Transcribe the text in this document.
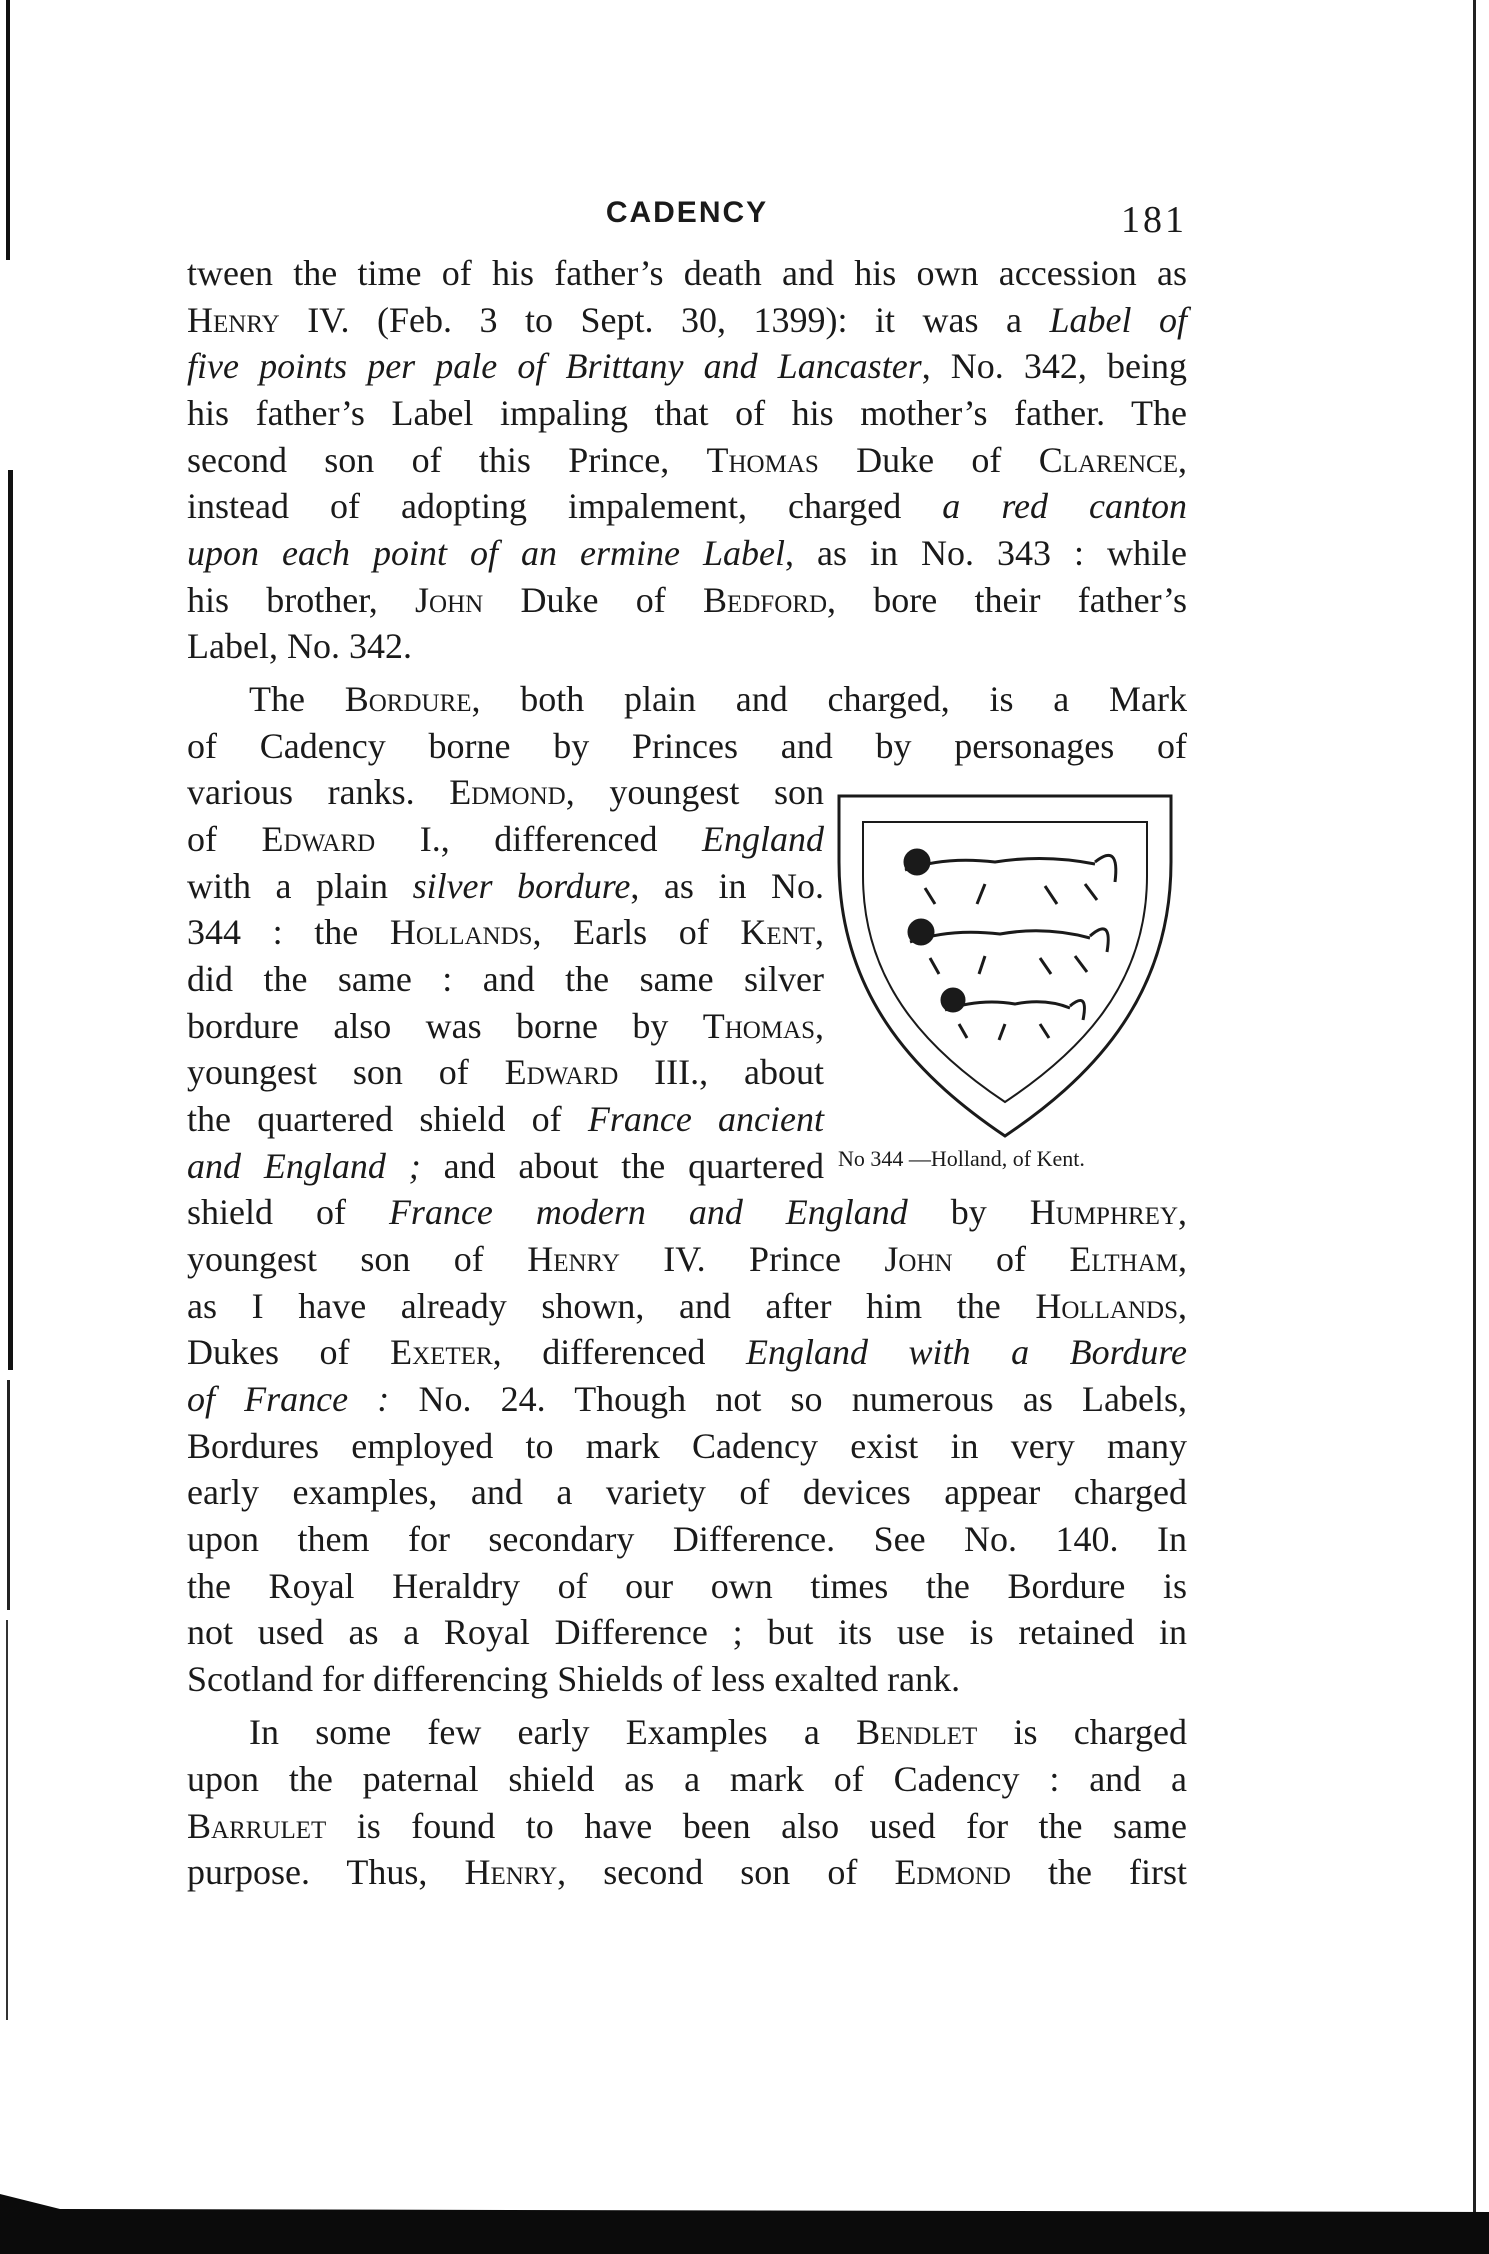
CADENCY	181
tween the time of his father’s death and his own accession as
Henry IV. (Feb. 3 to Sept. 30, 1399): it was a Label of
five points per pale of Brittany and Lancaster, No. 342, being
his father’s Label impaling that of his mother’s father. The
second son of this Prince, Thomas Duke of Clarence,
instead of adopting impalement, charged a red canton
upon each point of an ermine Label, as in No. 343 : while
his brother, John Duke of Bedford, bore their father’s
Label, No. 342.
The Bordure, both plain and charged, is a Mark
of Cadency borne by Princes and by personages of
various ranks. Edmond, youngest son
of Edward I., differenced England
with a plain silver bordure, as in No.
344 : the Hollands, Earls of Kent,
did the same : and the same silver
bordure also was borne by Thomas,
youngest son of Edward III., about
the quartered shield of France ancient
and England ; and about the quartered
shield of France modern and England by Humphrey,
youngest son of Henry IV. Prince John of Eltham,
as I have already shown, and after him the Hollands,
Dukes of Exeter, differenced England with a Bordure
of France : No. 24. Though not so numerous as Labels,
Bordures employed to mark Cadency exist in very many
early examples, and a variety of devices appear charged
upon them for secondary Difference. See No. 140. In
the Royal Heraldry of our own times the Bordure is
not used as a Royal Difference ; but its use is retained in
Scotland for differencing Shields of less exalted rank.
In some few early Examples a Bendlet is charged
upon the paternal shield as a mark of Cadency : and a
Barrulet is found to have been also used for the same
purpose. Thus, Henry, second son of Edmond the first
No 344 —Holland, of Kent.
